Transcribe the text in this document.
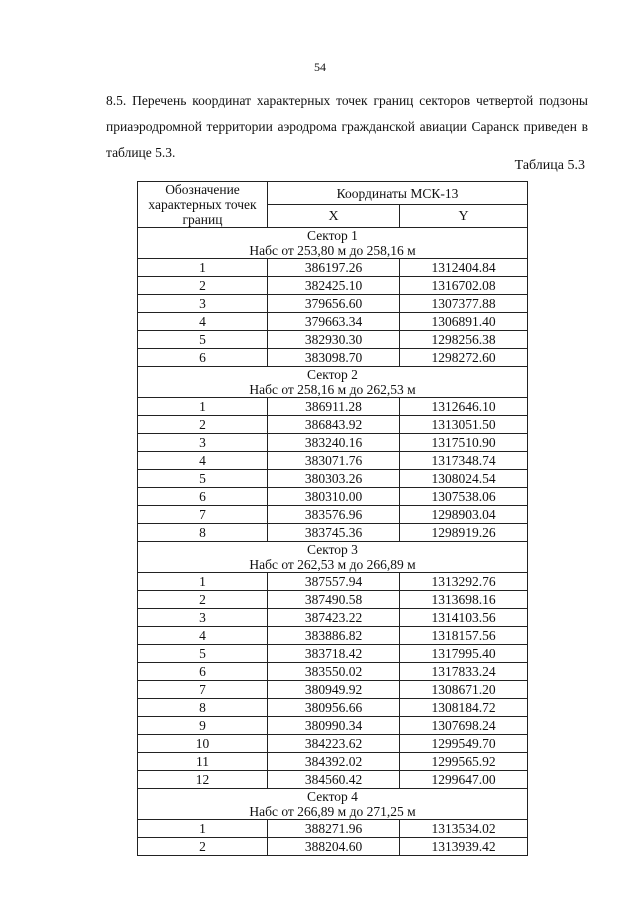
54
8.5. Перечень координат характерных точек границ секторов четвертой подзоны приаэродромной территории аэродрома гражданской авиации Саранск приведен в таблице 5.3.
Таблица 5.3
Обозначение характерных точек границ	Координаты МСК-13	
	X	Y

Сектор 1
Набс от 253,80 м до 258,16 м		

1	386197.26	1312404.84
2	382425.10	1316702.08
3	379656.60	1307377.88
4	379663.34	1306891.40
5	382930.30	1298256.38
6	383098.70	1298272.60

Сектор 2
Набс от 258,16 м до 262,53 м		

1	386911.28	1312646.10
2	386843.92	1313051.50
3	383240.16	1317510.90
4	383071.76	1317348.74
5	380303.26	1308024.54
6	380310.00	1307538.06
7	383576.96	1298903.04
8	383745.36	1298919.26

Сектор 3
Набс от 262,53 м до 266,89 м		

1	387557.94	1313292.76
2	387490.58	1313698.16
3	387423.22	1314103.56
4	383886.82	1318157.56
5	383718.42	1317995.40
6	383550.02	1317833.24
7	380949.92	1308671.20
8	380956.66	1308184.72
9	380990.34	1307698.24
10	384223.62	1299549.70
11	384392.02	1299565.92
12	384560.42	1299647.00

Сектор 4
Набс от 266,89 м до 271,25 м		

1	388271.96	1313534.02
2	388204.60	1313939.42
